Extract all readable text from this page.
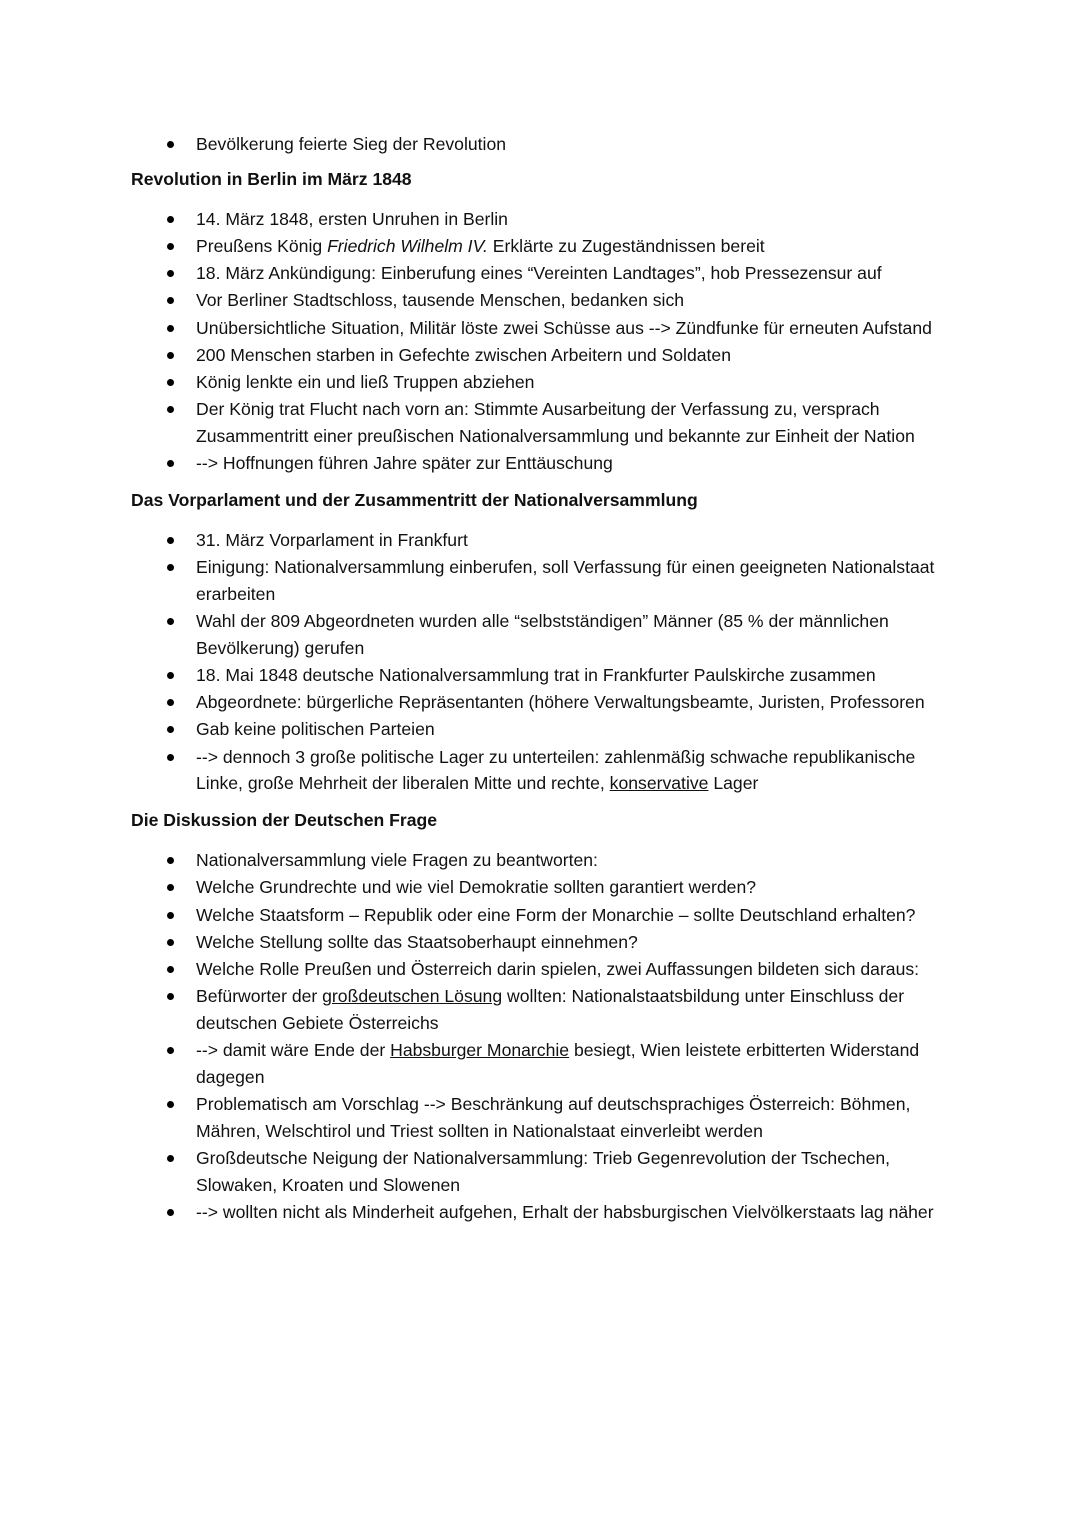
Bevölkerung feierte Sieg der Revolution
Revolution in Berlin im März 1848
14. März 1848, ersten Unruhen in Berlin
Preußens König Friedrich Wilhelm IV. Erklärte zu Zugeständnissen bereit
18. März Ankündigung: Einberufung eines “Vereinten Landtages”, hob Pressezensur auf
Vor Berliner Stadtschloss, tausende Menschen, bedanken sich
Unübersichtliche Situation, Militär löste zwei Schüsse aus --> Zündfunke für erneuten Aufstand
200 Menschen starben in Gefechte zwischen Arbeitern und Soldaten
König lenkte ein und ließ Truppen abziehen
Der König trat Flucht nach vorn an: Stimmte Ausarbeitung der Verfassung zu, versprach Zusammentritt einer preußischen Nationalversammlung und bekannte zur Einheit der Nation
--> Hoffnungen führen Jahre später zur Enttäuschung
Das Vorparlament und der Zusammentritt der Nationalversammlung
31. März Vorparlament in Frankfurt
Einigung: Nationalversammlung einberufen, soll Verfassung für einen geeigneten Nationalstaat erarbeiten
Wahl der 809 Abgeordneten wurden alle “selbstständigen” Männer (85 % der männlichen Bevölkerung) gerufen
18. Mai 1848 deutsche Nationalversammlung trat in Frankfurter Paulskirche zusammen
Abgeordnete: bürgerliche Repräsentanten (höhere Verwaltungsbeamte, Juristen, Professoren
Gab keine politischen Parteien
--> dennoch 3 große politische Lager zu unterteilen: zahlenmäßig schwache republikanische Linke, große Mehrheit der liberalen Mitte und rechte, konservative Lager
Die Diskussion der Deutschen Frage
Nationalversammlung viele Fragen zu beantworten:
Welche Grundrechte und wie viel Demokratie sollten garantiert werden?
Welche Staatsform – Republik oder eine Form der Monarchie – sollte Deutschland erhalten?
Welche Stellung sollte das Staatsoberhaupt einnehmen?
Welche Rolle Preußen und Österreich darin spielen, zwei Auffassungen bildeten sich daraus:
Befürworter der großdeutschen Lösung wollten: Nationalstaatsbildung unter Einschluss der deutschen Gebiete Österreichs
--> damit wäre Ende der Habsburger Monarchie besiegt, Wien leistete erbitterten Widerstand dagegen
Problematisch am Vorschlag --> Beschränkung auf deutschsprachiges Österreich: Böhmen, Mähren, Welschtirol und Triest sollten in Nationalstaat einverleibt werden
Großdeutsche Neigung der Nationalversammlung: Trieb Gegenrevolution der Tschechen, Slowaken, Kroaten und Slowenen
--> wollten nicht als Minderheit aufgehen, Erhalt der habsburgischen Vielvölkerstaats lag näher
